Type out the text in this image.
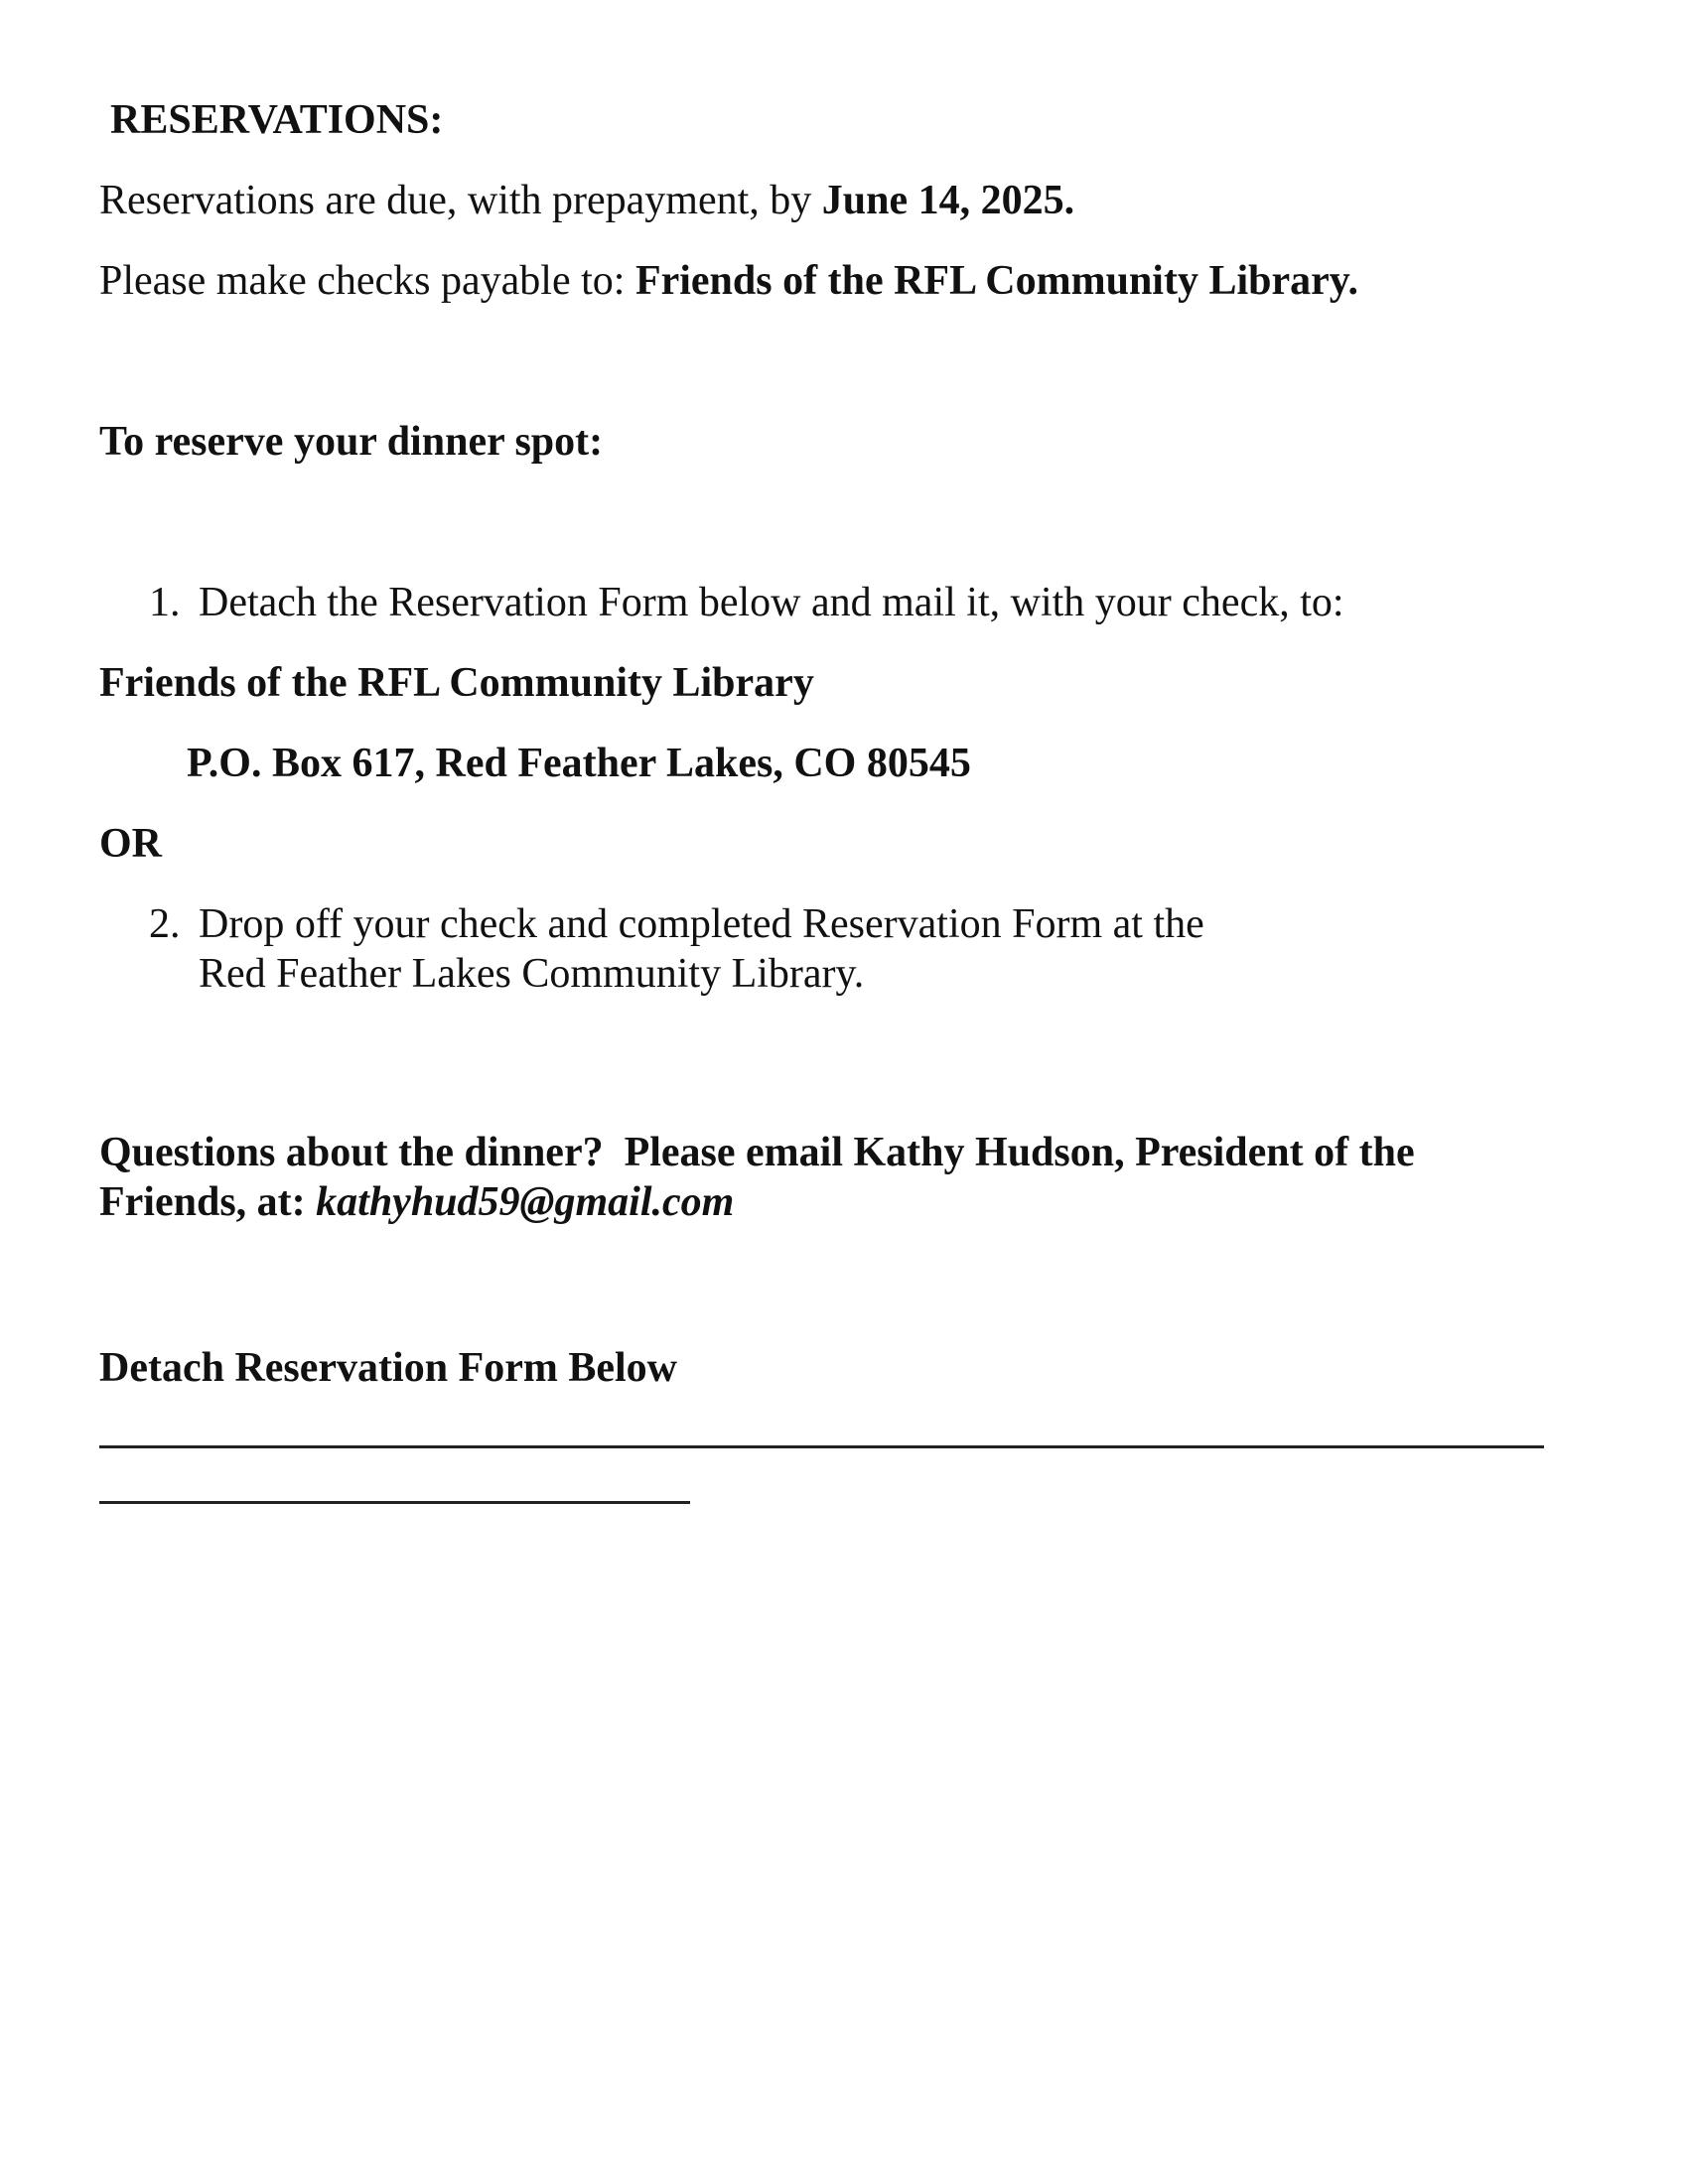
RESERVATIONS:
Reservations are due, with prepayment, by June 14, 2025.
Please make checks payable to: Friends of the RFL Community Library.
To reserve your dinner spot:
1. Detach the Reservation Form below and mail it, with your check, to:
Friends of the RFL Community Library
P.O. Box 617, Red Feather Lakes, CO 80545
OR
2. Drop off your check and completed Reservation Form at the Red Feather Lakes Community Library.
Questions about the dinner?  Please email Kathy Hudson, President of the Friends, at: kathyhud59@gmail.com
Detach Reservation Form Below
